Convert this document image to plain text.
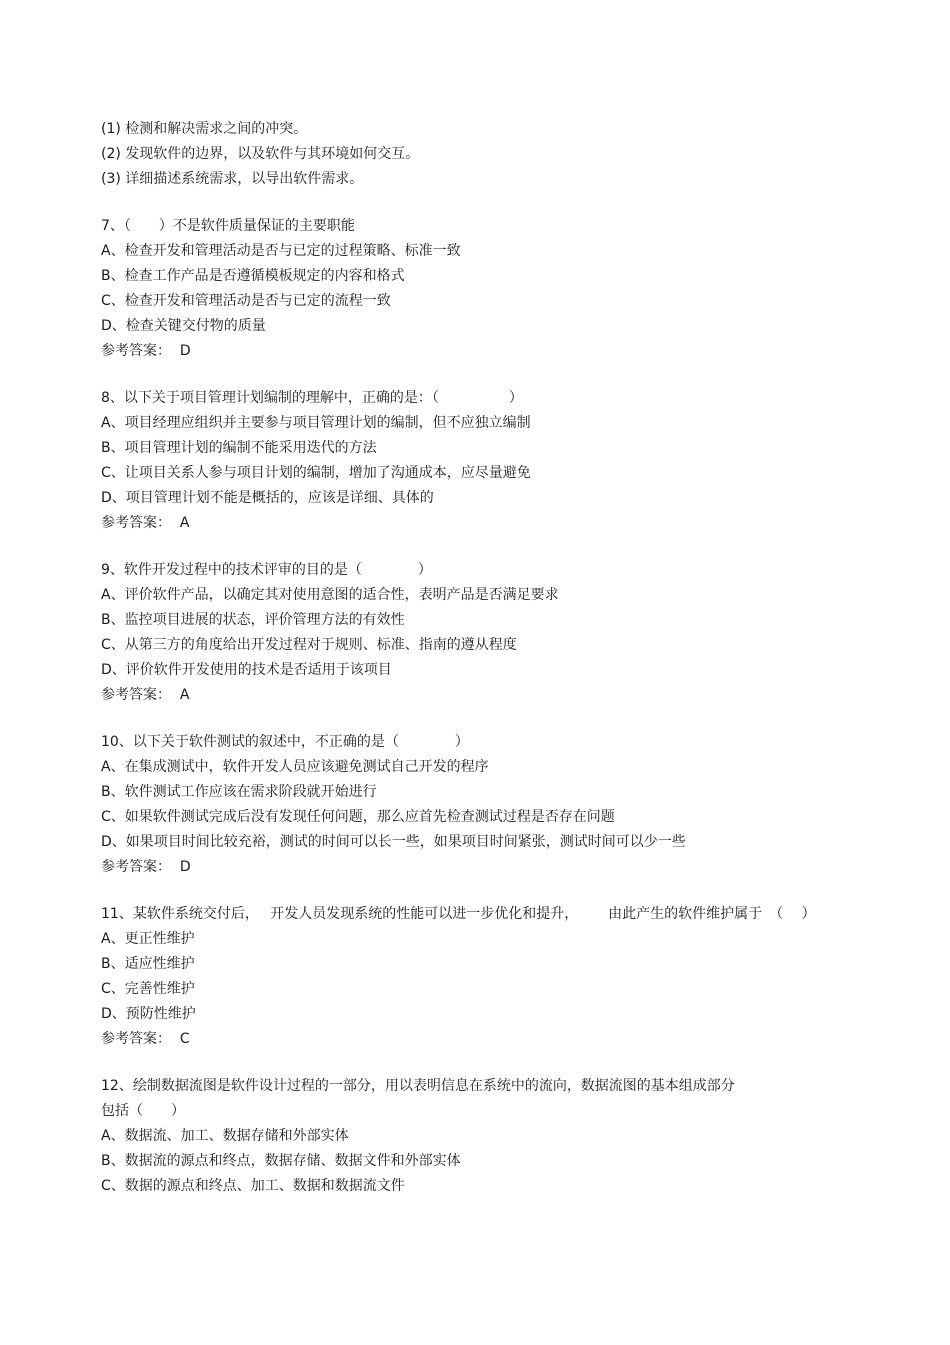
(1) 检测和解决需求之间的冲突。
(2) 发现软件的边界，以及软件与其环境如何交互。
(3) 详细描述系统需求，以导出软件需求。
7、（　　）不是软件质量保证的主要职能
A、检查开发和管理活动是否与已定的过程策略、标准一致
B、检查工作产品是否遵循模板规定的内容和格式
C、检查开发和管理活动是否与已定的流程一致
D、检查关键交付物的质量
参考答案：  D
8、以下关于项目管理计划编制的理解中，正确的是：（　　　　　）
A、项目经理应组织并主要参与项目管理计划的编制，但不应独立编制
B、项目管理计划的编制不能采用迭代的方法
C、让项目关系人参与项目计划的编制，增加了沟通成本，应尽量避免
D、项目管理计划不能是概括的，应该是详细、具体的
参考答案：  A
9、软件开发过程中的技术评审的目的是（　　　　）
A、评价软件产品，以确定其对使用意图的适合性，表明产品是否满足要求
B、监控项目进展的状态，评价管理方法的有效性
C、从第三方的角度给出开发过程对于规则、标准、指南的遵从程度
D、评价软件开发使用的技术是否适用于该项目
参考答案：  A
10、以下关于软件测试的叙述中，不正确的是（　　　　）
A、在集成测试中，软件开发人员应该避免测试自己开发的程序
B、软件测试工作应该在需求阶段就开始进行
C、如果软件测试完成后没有发现任何问题，那么应首先检查测试过程是否存在问题
D、如果项目时间比较充裕，测试的时间可以长一些，如果项目时间紧张，测试时间可以少一些
参考答案：  D
11、某软件系统交付后，　 开发人员发现系统的性能可以进一步优化和提升，　　  由此产生的软件维护属于　（　 ）
A、更正性维护
B、适应性维护
C、完善性维护
D、预防性维护
参考答案：  C
12、绘制数据流图是软件设计过程的一部分，用以表明信息在系统中的流向，数据流图的基本组成部分
包括（　　）
A、数据流、加工、数据存储和外部实体
B、数据流的源点和终点，数据存储、数据文件和外部实体
C、数据的源点和终点、加工、数据和数据流文件
